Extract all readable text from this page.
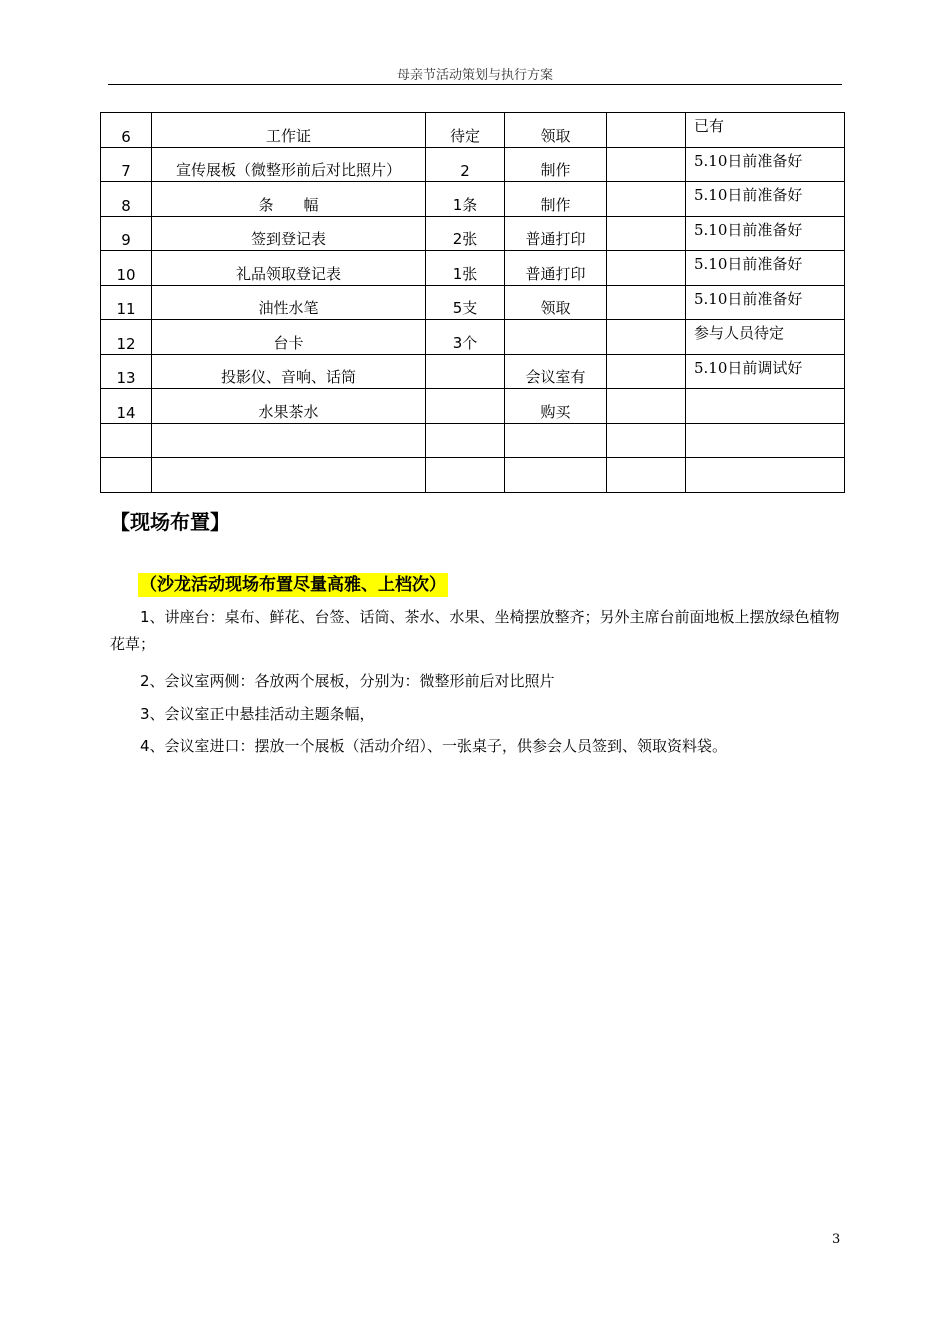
母亲节活动策划与执行方案
6	工作证	待定	领取		已有
7	宣传展板（微整形前后对比照片）	2	制作		5.10日前准备好
8	条　　幅	1条	制作		5.10日前准备好
9	签到登记表	2张	普通打印		5.10日前准备好
10	礼品领取登记表	1张	普通打印		5.10日前准备好
11	油性水笔	5支	领取		5.10日前准备好
12	台卡	3个			参与人员待定
13	投影仪、音响、话筒		会议室有		5.10日前调试好
14	水果茶水		购买		

【现场布置】
（沙龙活动现场布置尽量高雅、上档次）
　　1、讲座台：桌布、鲜花、台签、话筒、茶水、水果、坐椅摆放整齐；另外主席台前面地板上摆放绿色植物花草；
　　2、会议室两侧：各放两个展板，分别为：微整形前后对比照片
　　3、会议室正中悬挂活动主题条幅，
　　4、会议室进口：摆放一个展板（活动介绍）、一张桌子，供参会人员签到、领取资料袋。
3
